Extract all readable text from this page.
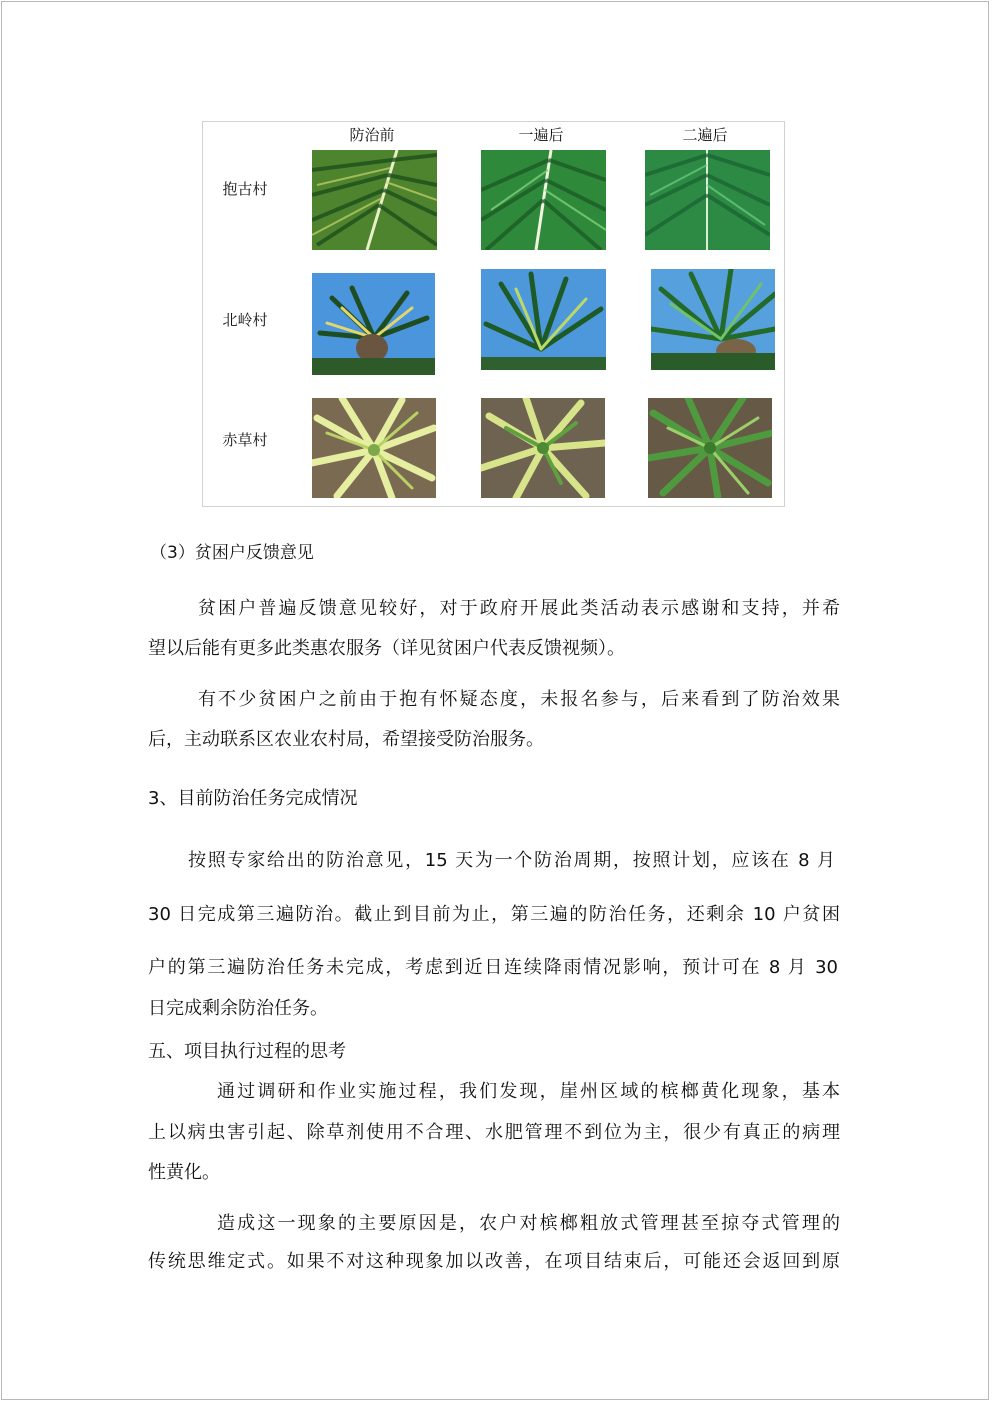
防治前	一遍后	二遍后
抱古村
北岭村
赤草村
（3）贫困户反馈意见
贫困户普遍反馈意见较好，对于政府开展此类活动表示感谢和支持，并希
望以后能有更多此类惠农服务（详见贫困户代表反馈视频）。
有不少贫困户之前由于抱有怀疑态度，未报名参与，后来看到了防治效果
后，主动联系区农业农村局，希望接受防治服务。
3、目前防治任务完成情况
按照专家给出的防治意见，15 天为一个防治周期，按照计划，应该在 8 月
30 日完成第三遍防治。截止到目前为止，第三遍的防治任务，还剩余 10 户贫困
户的第三遍防治任务未完成，考虑到近日连续降雨情况影响，预计可在 8 月 30
日完成剩余防治任务。
五、项目执行过程的思考
通过调研和作业实施过程，我们发现，崖州区域的槟榔黄化现象，基本
上以病虫害引起、除草剂使用不合理、水肥管理不到位为主，很少有真正的病理
性黄化。
造成这一现象的主要原因是，农户对槟榔粗放式管理甚至掠夺式管理的
传统思维定式。如果不对这种现象加以改善，在项目结束后，可能还会返回到原
